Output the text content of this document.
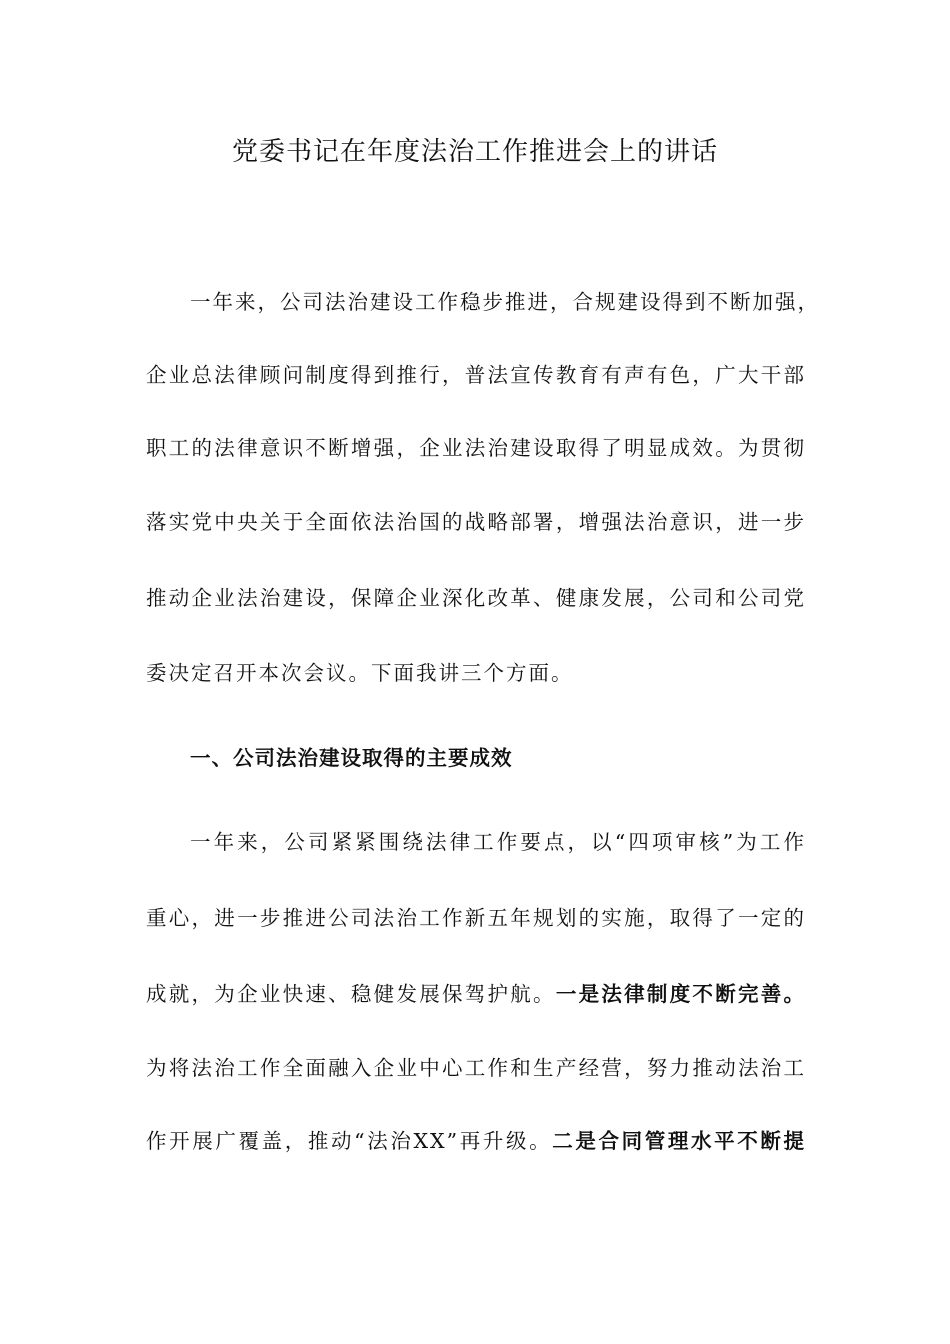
党委书记在年度法治工作推进会上的讲话
一年来，公司法治建设工作稳步推进，合规建设得到不断加强，
企业总法律顾问制度得到推行，普法宣传教育有声有色，广大干部
职工的法律意识不断增强，企业法治建设取得了明显成效。为贯彻
落实党中央关于全面依法治国的战略部署，增强法治意识，进一步
推动企业法治建设，保障企业深化改革、健康发展，公司和公司党
委决定召开本次会议。下面我讲三个方面。
一、公司法治建设取得的主要成效
一年来，公司紧紧围绕法律工作要点，以“四项审核”为工作
重心，进一步推进公司法治工作新五年规划的实施，取得了一定的
成就，为企业快速、稳健发展保驾护航。一是法律制度不断完善。
为将法治工作全面融入企业中心工作和生产经营，努力推动法治工
作开展广覆盖，推动“法治XX”再升级。二是合同管理水平不断提
